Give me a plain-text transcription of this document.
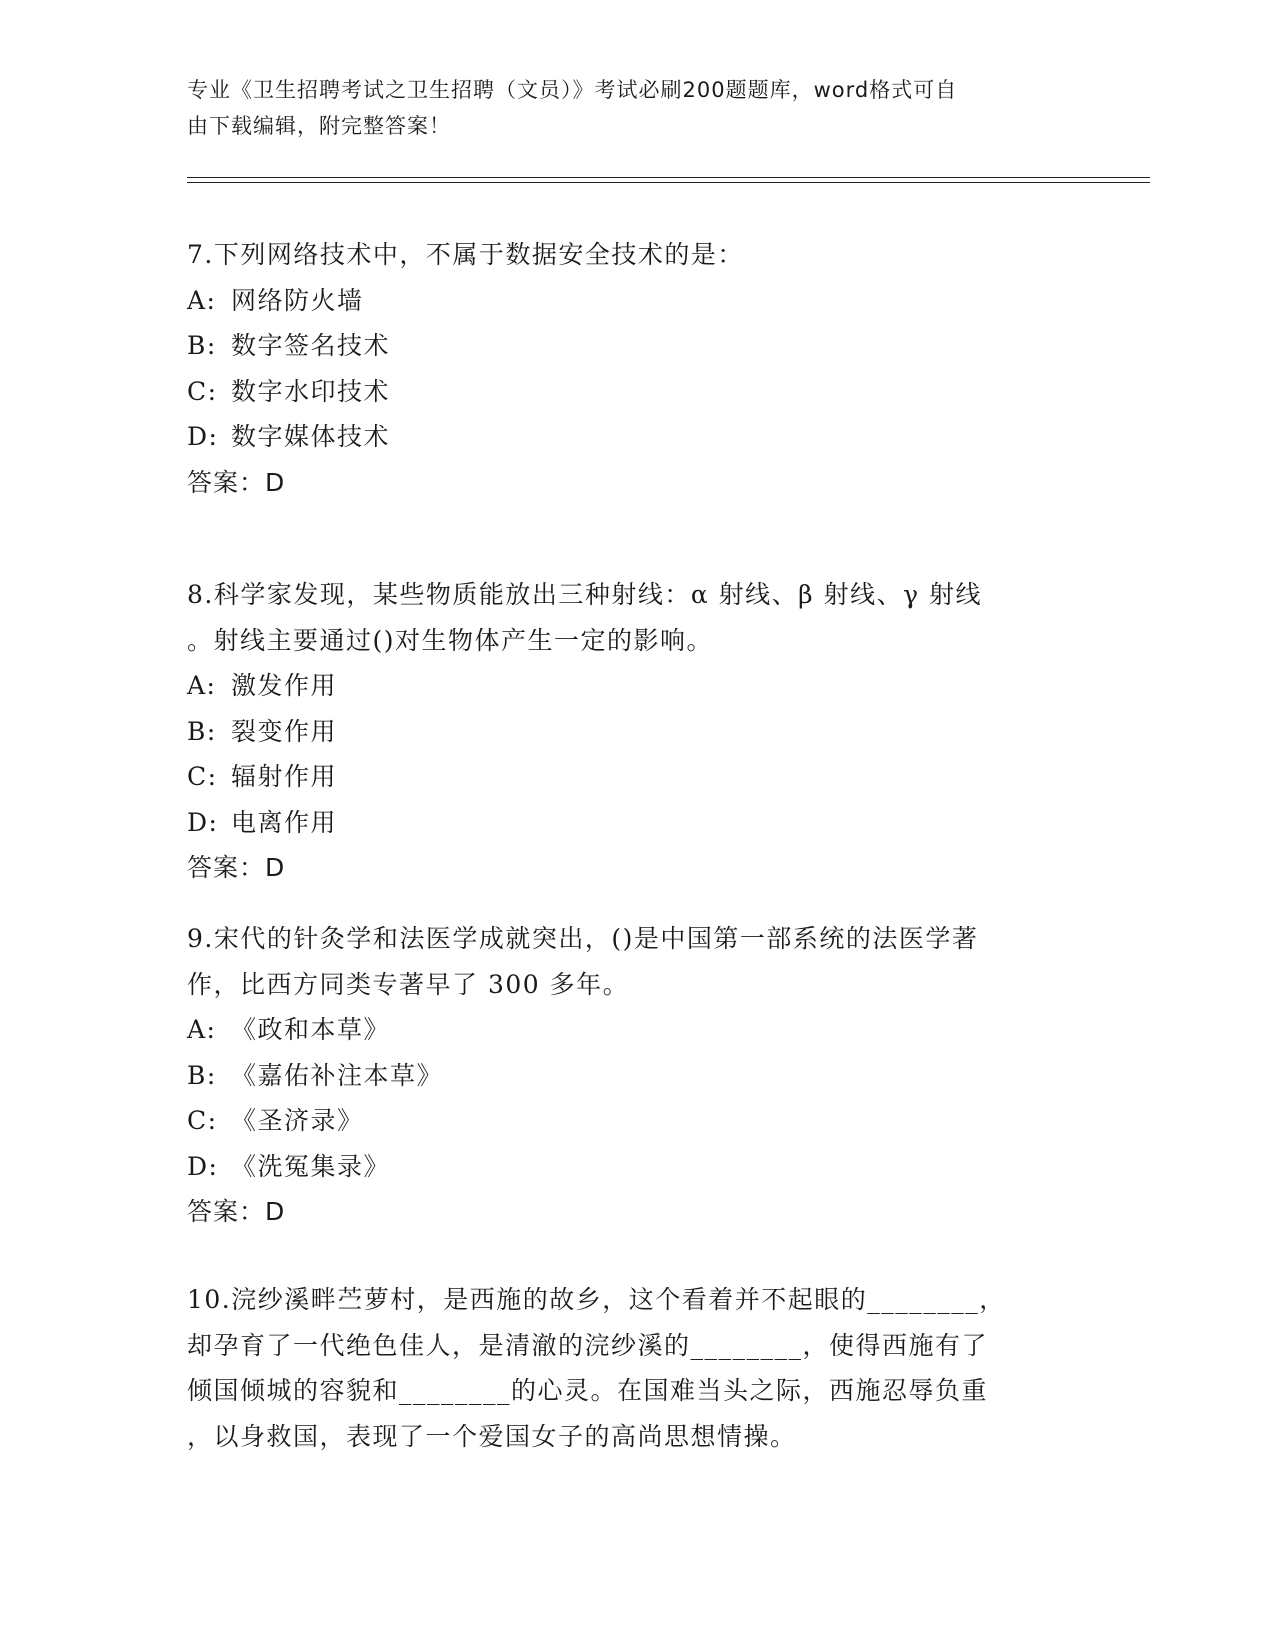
专业《卫生招聘考试之卫生招聘（文员）》考试必刷200题题库，word格式可自
由下载编辑，附完整答案！
7.下列网络技术中，不属于数据安全技术的是：
A: 网络防火墙
B: 数字签名技术
C: 数字水印技术
D: 数字媒体技术
答案：D
8.科学家发现，某些物质能放出三种射线：α 射线、β 射线、γ 射线
。射线主要通过()对生物体产生一定的影响。
A: 激发作用
B: 裂变作用
C: 辐射作用
D: 电离作用
答案：D
9.宋代的针灸学和法医学成就突出，()是中国第一部系统的法医学著
作，比西方同类专著早了 300 多年。
A: 《政和本草》
B: 《嘉佑补注本草》
C: 《圣济录》
D: 《洗冤集录》
答案：D
10.浣纱溪畔苎萝村，是西施的故乡，这个看着并不起眼的________，
却孕育了一代绝色佳人，是清澈的浣纱溪的________，使得西施有了
倾国倾城的容貌和________的心灵。在国难当头之际，西施忍辱负重
，以身救国，表现了一个爱国女子的高尚思想情操。
